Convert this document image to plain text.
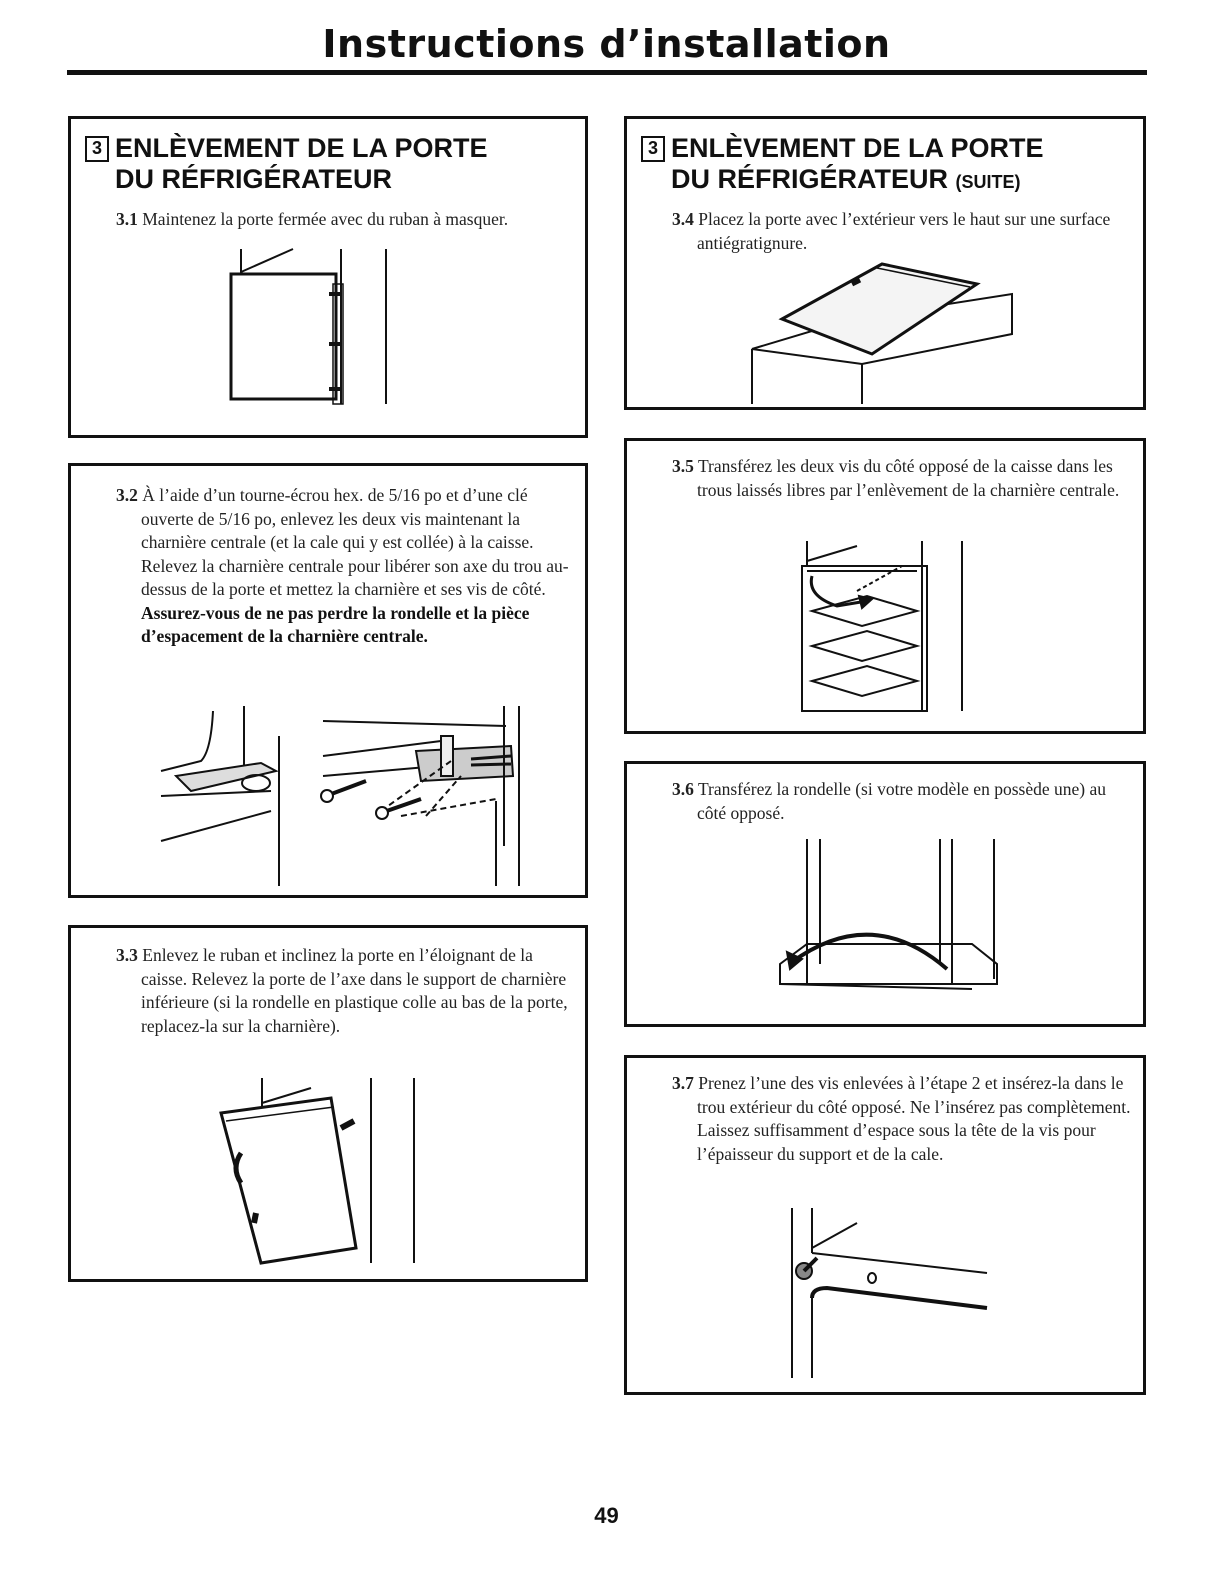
Instructions d’installation
3 ENLÈVEMENT DE LA PORTE
DU RÉFRIGÉRATEUR
3.1 Maintenez la porte fermée avec du ruban à masquer.
3.2 À l’aide d’un tourne-écrou hex. de 5/16 po et d’une clé ouverte de 5/16 po, enlevez les deux vis maintenant la charnière centrale (et la cale qui y est collée) à la caisse. Relevez la charnière centrale pour libérer son axe du trou au-dessus de la porte et mettez la charnière et ses vis de côté. Assurez-vous de ne pas perdre la rondelle et la pièce d’espacement de la charnière centrale.
3.3 Enlevez le ruban et inclinez la porte en l’éloignant de la caisse. Relevez la porte de l’axe dans le support de charnière inférieure (si la rondelle en plastique colle au bas de la porte, replacez-la sur la charnière).
3 ENLÈVEMENT DE LA PORTE
DU RÉFRIGÉRATEUR (SUITE)
3.4 Placez la porte avec l’extérieur vers le haut sur une surface antiégratignure.
3.5 Transférez les deux vis du côté opposé de la caisse dans les trous laissés libres par l’enlèvement de la charnière centrale.
3.6 Transférez la rondelle (si votre modèle en possède une) au côté opposé.
3.7 Prenez l’une des vis enlevées à l’étape 2 et insérez-la dans le trou extérieur du côté opposé. Ne l’insérez pas complètement. Laissez suffisamment d’espace sous la tête de la vis pour l’épaisseur du support et de la cale.
49
